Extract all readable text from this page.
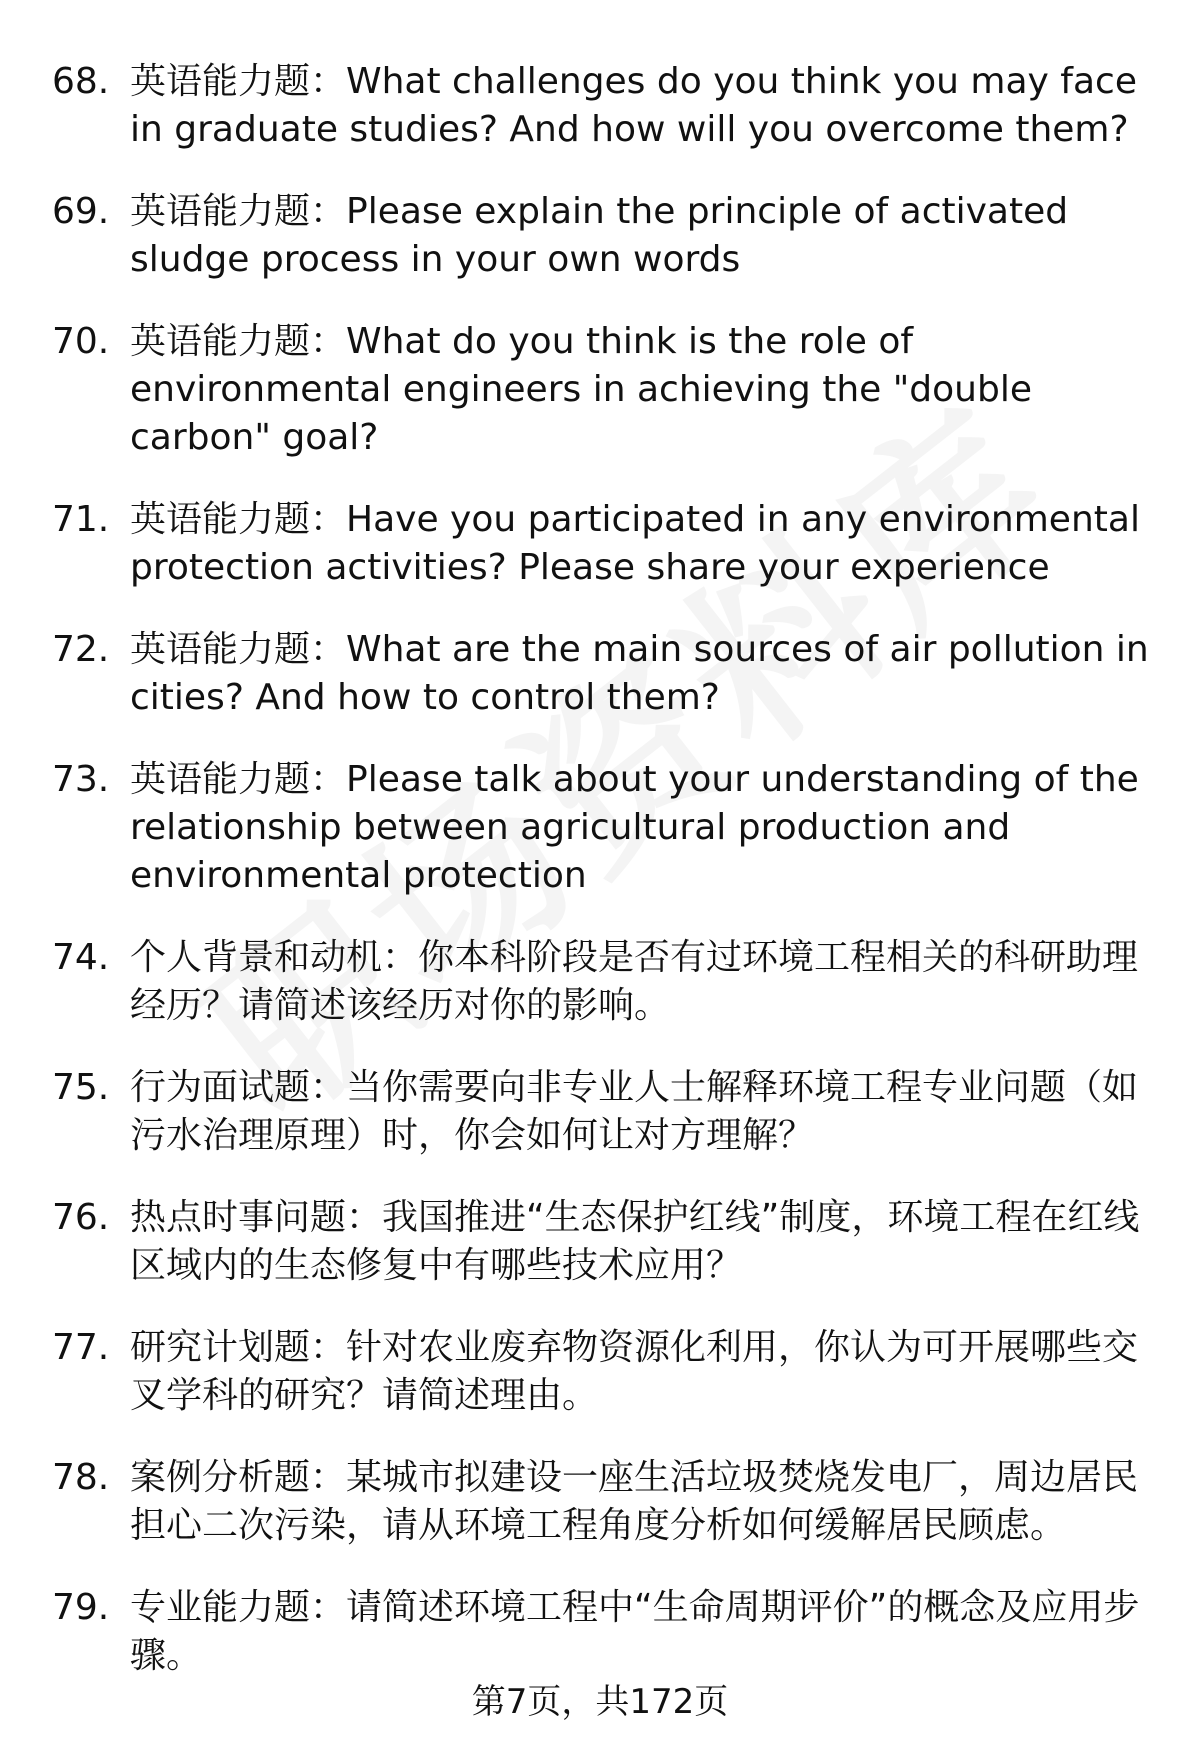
68. 英语能力题：What challenges do you think you may face in graduate studies? And how will you overcome them?
69. 英语能力题：Please explain the principle of activated sludge process in your own words
70. 英语能力题：What do you think is the role of environmental engineers in achieving the "double carbon" goal?
71. 英语能力题：Have you participated in any environmental protection activities? Please share your experience
72. 英语能力题：What are the main sources of air pollution in cities? And how to control them?
73. 英语能力题：Please talk about your understanding of the relationship between agricultural production and environmental protection
74. 个人背景和动机：你本科阶段是否有过环境工程相关的科研助理经历？请简述该经历对你的影响。
75. 行为面试题：当你需要向非专业人士解释环境工程专业问题（如污水治理原理）时，你会如何让对方理解？
76. 热点时事问题：我国推进“生态保护红线”制度，环境工程在红线区域内的生态修复中有哪些技术应用？
77. 研究计划题：针对农业废弃物资源化利用，你认为可开展哪些交叉学科的研究？请简述理由。
78. 案例分析题：某城市拟建设一座生活垃圾焚烧发电厂，周边居民担心二次污染，请从环境工程角度分析如何缓解居民顾虑。
79. 专业能力题：请简述环境工程中“生命周期评价”的概念及应用步骤。
第7页，共172页
